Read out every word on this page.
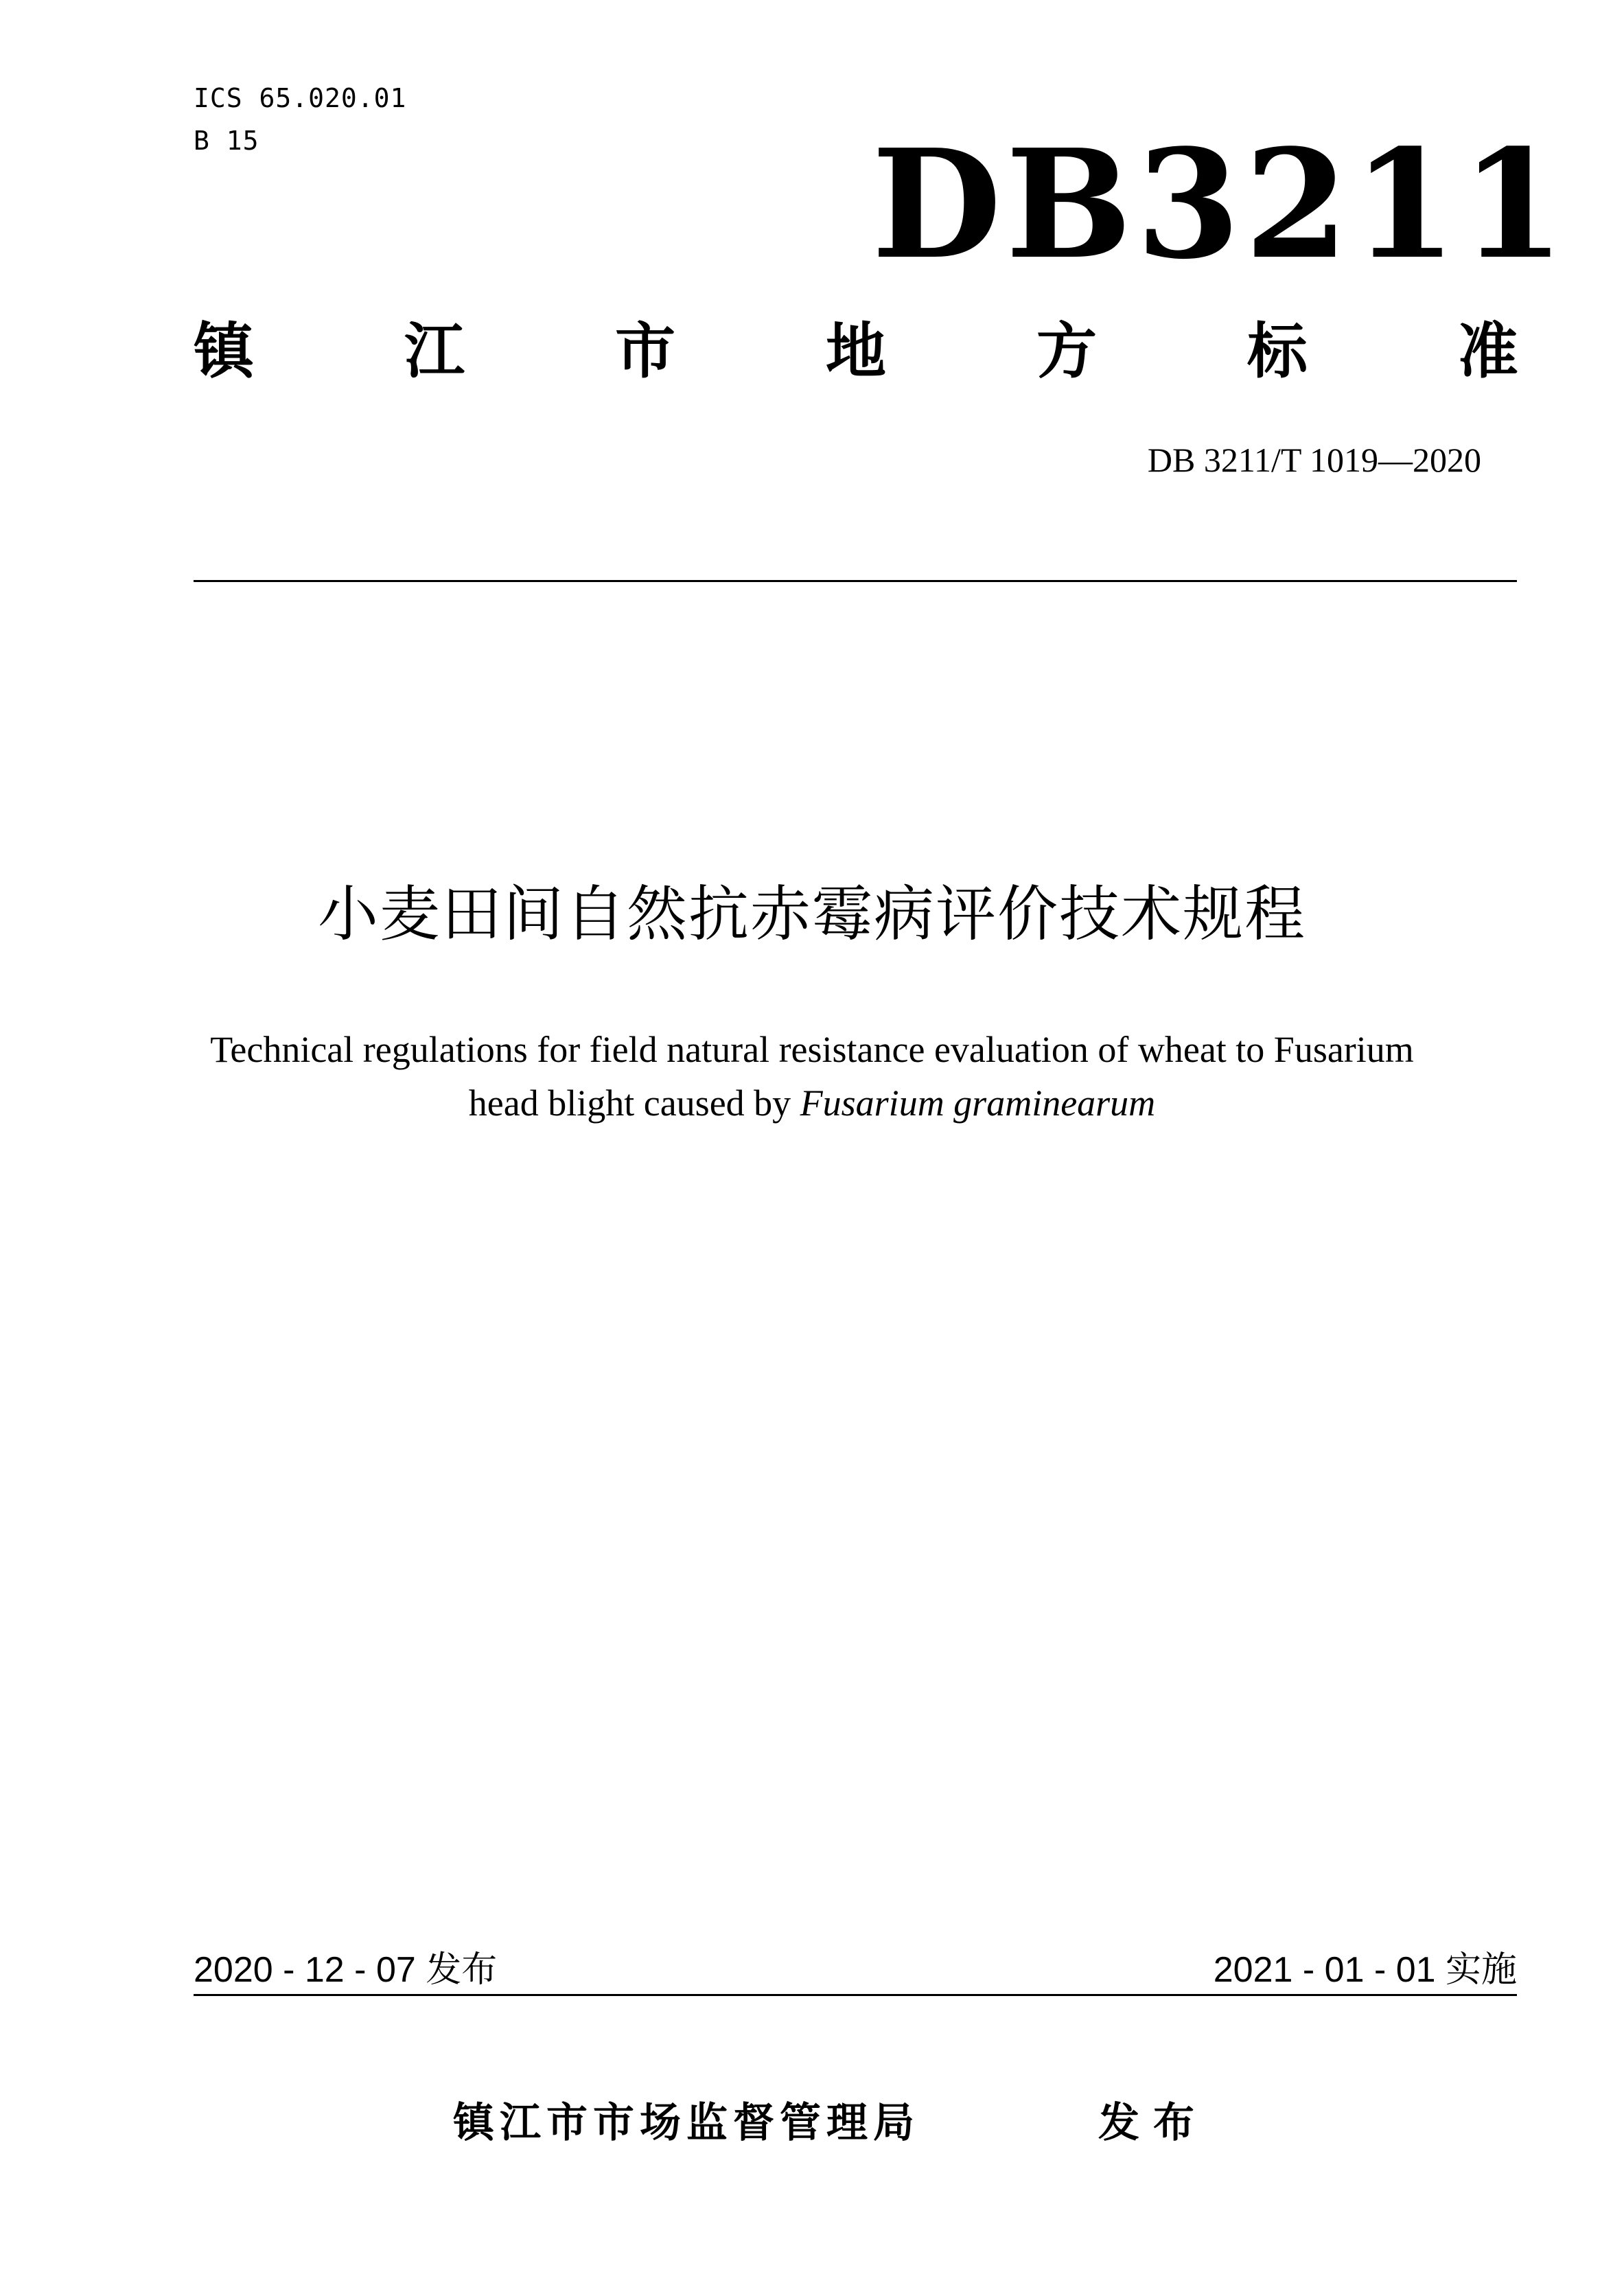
ICS 65.020.01
B 15	DB3211
镇 江 市 地 方 标 准
DB 3211/T 1019—2020
小麦田间自然抗赤霉病评价技术规程
Technical regulations for field natural resistance evaluation of wheat to Fusarium
head blight caused by Fusarium graminearum
2020 - 12 - 07 发布	2021 - 01 - 01 实施
镇江市市场监督管理局	发布
